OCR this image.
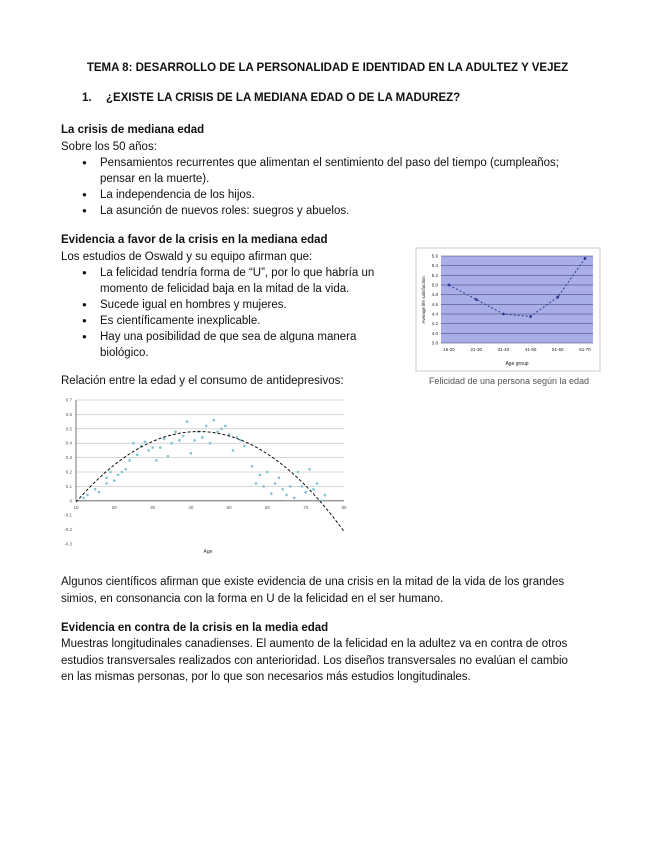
TEMA 8: DESARROLLO DE LA PERSONALIDAD E IDENTIDAD EN LA ADULTEZ Y VEJEZ
1. ¿EXISTE LA CRISIS DE LA MEDIANA EDAD O DE LA MADUREZ?
La crisis de mediana edad
Sobre los 50 años:
● Pensamientos recurrentes que alimentan el sentimiento del paso del tiempo (cumpleaños;
pensar en la muerte).
● La independencia de los hijos.
● La asunción de nuevos roles: suegros y abuelos.
Evidencia a favor de la crisis en la mediana edad
Los estudios de Oswald y su equipo afirman que:
● La felicidad tendría forma de “U”, por lo que habría un
momento de felicidad baja en la mitad de la vida.
● Sucede igual en hombres y mujeres.
● Es científicamente inexplicable.
● Hay una posibilidad de que sea de alguna manera
biológico.
Relación entre la edad y el consumo de antidepresivos:
3.8
4.0
4.2
4.4
4.6
4.8
5.0
5.2
5.4
5.6
16-20	21-30	31-40	41-50	51-60	61-70
Age group
Average life satisfaction
Felicidad de una persona según la edad
0.7
0.6
0.5
0.4
0.3
0.2
0.1
0
-0.1
-0.2
-0.3
10	20	30	40	50	60	70	80
Age
Algunos científicos afirman que existe evidencia de una crisis en la mitad de la vida de los grandes
simios, en consonancia con la forma en U de la felicidad en el ser humano.
Evidencia en contra de la crisis en la media edad
Muestras longitudinales canadienses. El aumento de la felicidad en la adultez va en contra de otros
estudios transversales realizados con anterioridad. Los diseños transversales no evalúan el cambio
en las mismas personas, por lo que son necesarios más estudios longitudinales.
